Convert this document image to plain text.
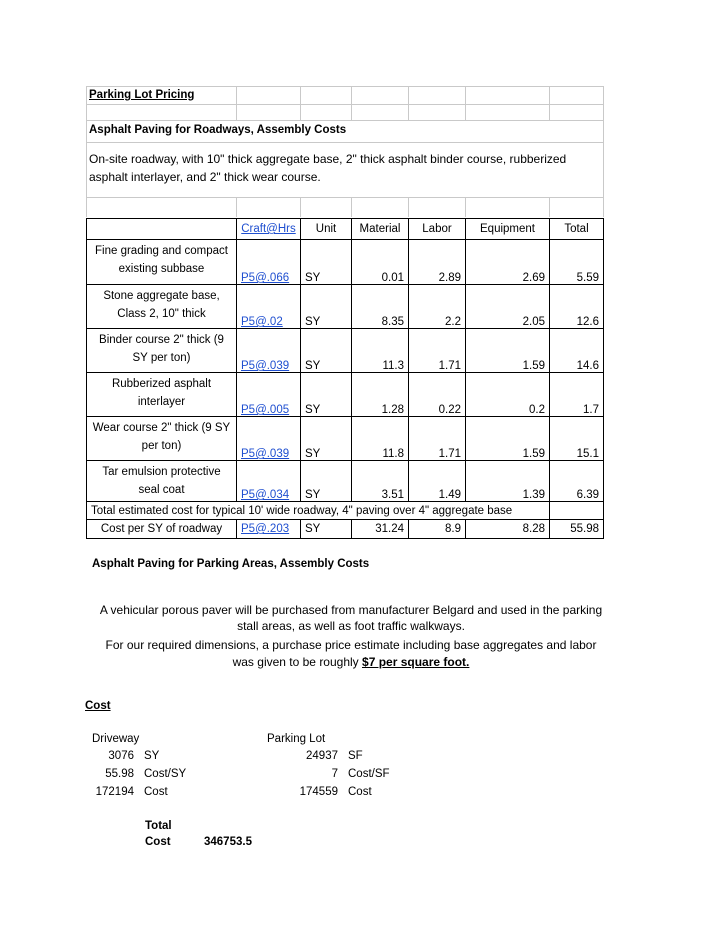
Parking Lot Pricing
Asphalt Paving for Roadways, Assembly Costs
On-site roadway, with 10" thick aggregate base, 2" thick asphalt binder course, rubberized
asphalt interlayer, and 2" thick wear course.
	Craft@Hrs	Unit	Material	Labor	Equipment	Total
Fine grading and compact
existing subbase	P5@.066	SY	0.01	2.89	2.69	5.59
Stone aggregate base,
Class 2, 10" thick	P5@.02	SY	8.35	2.2	2.05	12.6
Binder course 2" thick (9
SY per ton)	P5@.039	SY	11.3	1.71	1.59	14.6
Rubberized asphalt
interlayer	P5@.005	SY	1.28	0.22	0.2	1.7
Wear course 2" thick (9 SY
per ton)	P5@.039	SY	11.8	1.71	1.59	15.1
Tar emulsion protective
seal coat	P5@.034	SY	3.51	1.49	1.39	6.39
Total estimated cost for typical 10' wide roadway, 4" paving over 4" aggregate base						
Cost per SY of roadway	P5@.203	SY	31.24	8.9	8.28	55.98
Asphalt Paving for Parking Areas, Assembly Costs
A vehicular porous paver will be purchased from manufacturer Belgard and used in the parking
stall areas, as well as foot traffic walkways.
For our required dimensions, a purchase price estimate including base aggregates and labor
was given to be roughly $7 per square foot.
Cost
Driveway
3076 SY
55.98 Cost/SY
172194 Cost
Parking Lot
24937 SF
7 Cost/SF
174559 Cost
Total
Cost	346753.5
